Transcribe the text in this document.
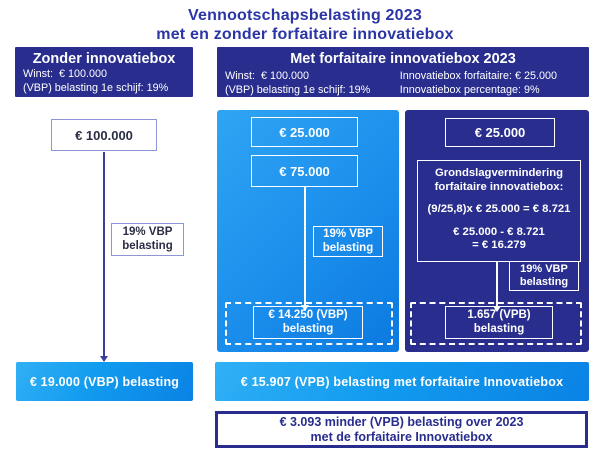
Vennootschapsbelasting 2023
met en zonder forfaitaire innovatiebox
Zonder innovatiebox
Winst:  € 100.000
(VBP) belasting 1e schijf: 19%
Met forfaitaire innovatiebox 2023
Winst:  € 100.000
(VBP) belasting 1e schijf: 19%
Innovatiebox forfaitaire: € 25.000
Innovatiebox percentage: 9%
€ 100.000
19% VBP
belasting
€ 19.000 (VBP) belasting
€ 25.000
€ 75.000
19% VBP
belasting
€ 14.250 (VBP)
belasting
€ 25.000
Grondslagvermindering
forfaitaire innovatiebox:
(9/25,8)x € 25.000 = € 8.721
€ 25.000 - € 8.721
= € 16.279
19% VBP
belasting
1.657 (VPB)
belasting
€ 15.907 (VPB) belasting met forfaitaire Innovatiebox
€ 3.093 minder (VPB) belasting over 2023
met de forfaitaire Innovatiebox
